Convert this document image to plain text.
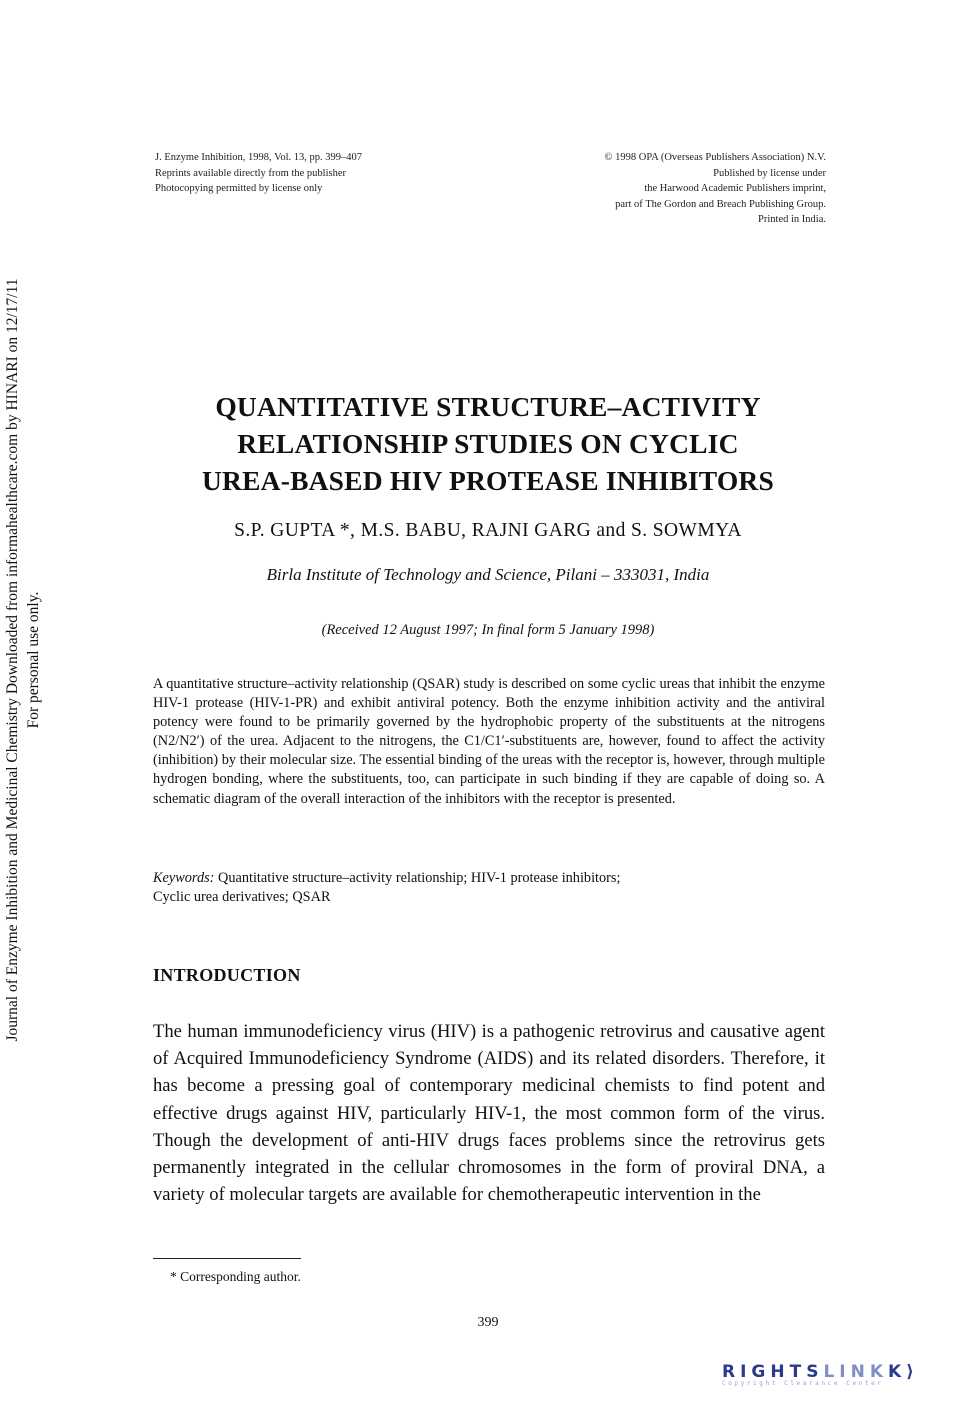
J. Enzyme Inhibition, 1998, Vol. 13, pp. 399–407
Reprints available directly from the publisher
Photocopying permitted by license only
© 1998 OPA (Overseas Publishers Association) N.V.
Published by license under
the Harwood Academic Publishers imprint,
part of The Gordon and Breach Publishing Group.
Printed in India.
Journal of Enzyme Inhibition and Medicinal Chemistry Downloaded from informahealthcare.com by HINARI on 12/17/11 For personal use only.
QUANTITATIVE STRUCTURE–ACTIVITY
RELATIONSHIP STUDIES ON CYCLIC
UREA-BASED HIV PROTEASE INHIBITORS
S.P. GUPTA *, M.S. BABU, RAJNI GARG and S. SOWMYA
Birla Institute of Technology and Science, Pilani – 333031, India
(Received 12 August 1997; In final form 5 January 1998)
A quantitative structure–activity relationship (QSAR) study is described on some cyclic ureas that inhibit the enzyme HIV-1 protease (HIV-1-PR) and exhibit antiviral potency. Both the enzyme inhibition activity and the antiviral potency were found to be primarily governed by the hydrophobic property of the substituents at the nitrogens (N2/N2′) of the urea. Adjacent to the nitrogens, the C1/C1′-substituents are, however, found to affect the activity (inhibition) by their molecular size. The essential binding of the ureas with the receptor is, however, through multiple hydrogen bonding, where the substituents, too, can participate in such binding if they are capable of doing so. A schematic diagram of the overall interaction of the inhibitors with the receptor is presented.
Keywords: Quantitative structure–activity relationship; HIV-1 protease inhibitors;
Cyclic urea derivatives; QSAR
INTRODUCTION
The human immunodeficiency virus (HIV) is a pathogenic retrovirus and causative agent of Acquired Immunodeficiency Syndrome (AIDS) and its related disorders. Therefore, it has become a pressing goal of contemporary medicinal chemists to find potent and effective drugs against HIV, particularly HIV-1, the most common form of the virus. Though the development of anti-HIV drugs faces problems since the retrovirus gets permanently integrated in the cellular chromosomes in the form of proviral DNA, a variety of molecular targets are available for chemotherapeutic intervention in the
* Corresponding author.
399
RIGHTSLINKK⟩
Copyright Clearance Center
